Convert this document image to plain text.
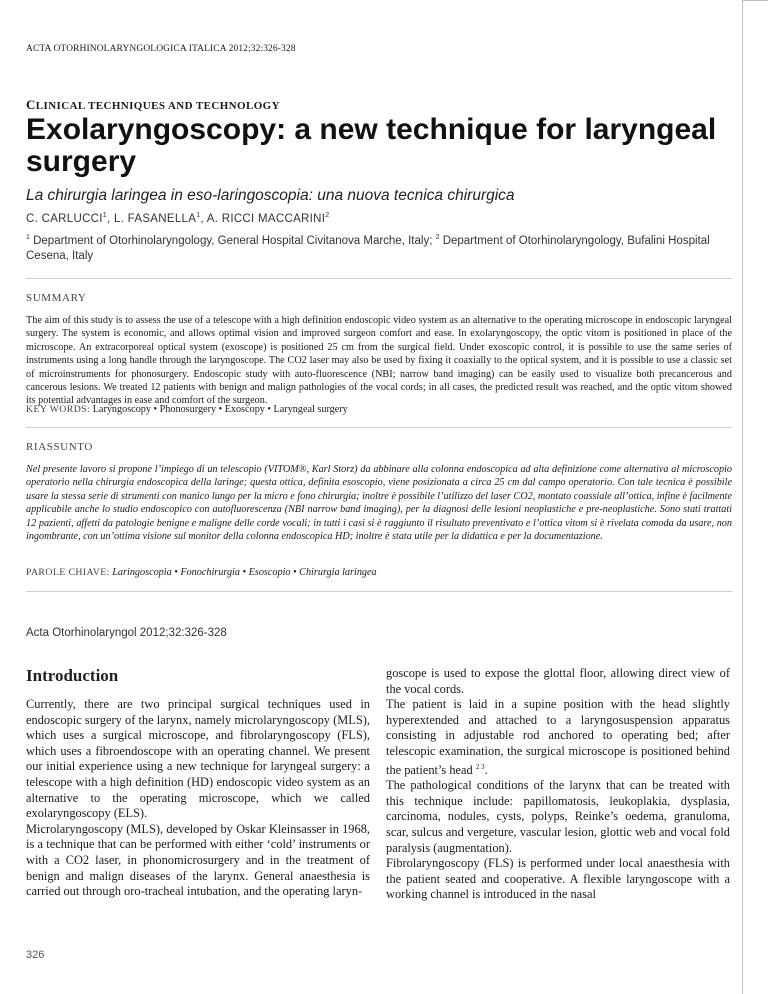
ACTA OTORHINOLARYNGOLOGICA ITALICA 2012;32:326-328
CLINICAL TECHNIQUES AND TECHNOLOGY
Exolaryngoscopy: a new technique for laryngeal surgery
La chirurgia laringea in eso-laringoscopia: una nuova tecnica chirurgica
C. CARLUCCI$^1$, L. FASANELLA$^1$, A. RICCI MACCARINI$^2$
$^1$ Department of Otorhinolaryngology, General Hospital Civitanova Marche, Italy; $^2$ Department of Otorhinolaryngology, Bufalini Hospital Cesena, Italy
SUMMARY

The aim of this study is to assess the use of a telescope with a high definition endoscopic video system as an alternative to the operating microscope in endoscopic laryngeal surgery. The system is economic, and allows optimal vision and improved surgeon comfort and ease. In exolaryngoscopy, the optic vitom is positioned in place of the microscope. An extracorporeal optical system (exoscope) is positioned 25 cm from the surgical field. Under exoscopic control, it is possible to use the same series of instruments using a long handle through the laryngoscope. The CO2 laser may also be used by fixing it coaxially to the optical system, and it is possible to use a classic set of microinstruments for phonosurgery. Endoscopic study with auto-fluorescence (NBI; narrow band imaging) can be easily used to visualize both precancerous and cancerous lesions. We treated 12 patients with benign and malign pathologies of the vocal cords; in all cases, the predicted result was reached, and the optic vitom showed its potential advantages in ease and comfort of the surgeon.

KEY WORDS: Laryngoscopy • Phonosurgery • Exoscopy • Laryngeal surgery
RIASSUNTO

Nel presente lavoro si propone l’impiego di un telescopio (VITOM®, Karl Storz) da abbinare alla colonna endoscopica ad alta definizione come alternativa al microscopio operatorio nella chirurgia endoscopica della laringe; questa ottica, definita esoscopio, viene posizionata a circa 25 cm dal campo operatorio. Con tale tecnica è possibile usare la stessa serie di strumenti con manico lungo per la micro e fono chirurgia; inoltre è possibile l’utilizzo del laser CO2, montato coassiale all’ottica, infine è facilmente applicabile anche lo studio endoscopico con autofluorescenza (NBI narrow band imaging), per la diagnosi delle lesioni neoplastiche e pre-neoplastiche. Sono stati trattati 12 pazienti, affetti da patologie benigne e maligne delle corde vocali; in tutti i casi si è raggiunto il risultato preventivato e l’ottica vitom si è rivelata comoda da usare, non ingombrante, con un’ottima visione sul monitor della colonna endoscopica HD; inoltre è stata utile per la didattica e per la documentazione.

PAROLE CHIAVE: Laringoscopia • Fonochirurgia • Esoscopio • Chirurgia laringea
Acta Otorhinolaryngol 2012;32:326-328
Introduction

Currently, there are two principal surgical techniques used in endoscopic surgery of the larynx, namely microlaryngoscopy (MLS), which uses a surgical microscope, and fibrolaryngoscopy (FLS), which uses a fibroendoscope with an operating channel. We present our initial experience using a new technique for laryngeal surgery: a telescope with a high definition (HD) endoscopic video system as an alternative to the operating microscope, which we called exolaryngoscopy (ELS).

Microlaryngoscopy (MLS), developed by Oskar Kleinsasser in 1968, is a technique that can be performed with either ‘cold’ instruments or with a CO2 laser, in phonomicrosurgery and in the treatment of benign and malign diseases of the larynx. General anaesthesia is carried out through oro-tracheal intubation, and the operating laryn-

goscope is used to expose the glottal floor, allowing direct view of the vocal cords.

The patient is laid in a supine position with the head slightly hyperextended and attached to a laryngosuspension apparatus consisting in adjustable rod anchored to operating bed; after telescopic examination, the surgical microscope is positioned behind the patient’s head $^{2 3}$.

The pathological conditions of the larynx that can be treated with this technique include: papillomatosis, leukoplakia, dysplasia, carcinoma, nodules, cysts, polyps, Reinke’s oedema, granuloma, scar, sulcus and vergeture, vascular lesion, glottic web and vocal fold paralysis (augmentation).

Fibrolaryngoscopy (FLS) is performed under local anaesthesia with the patient seated and cooperative. A flexible laryngoscope with a working channel is introduced in the nasal

326
